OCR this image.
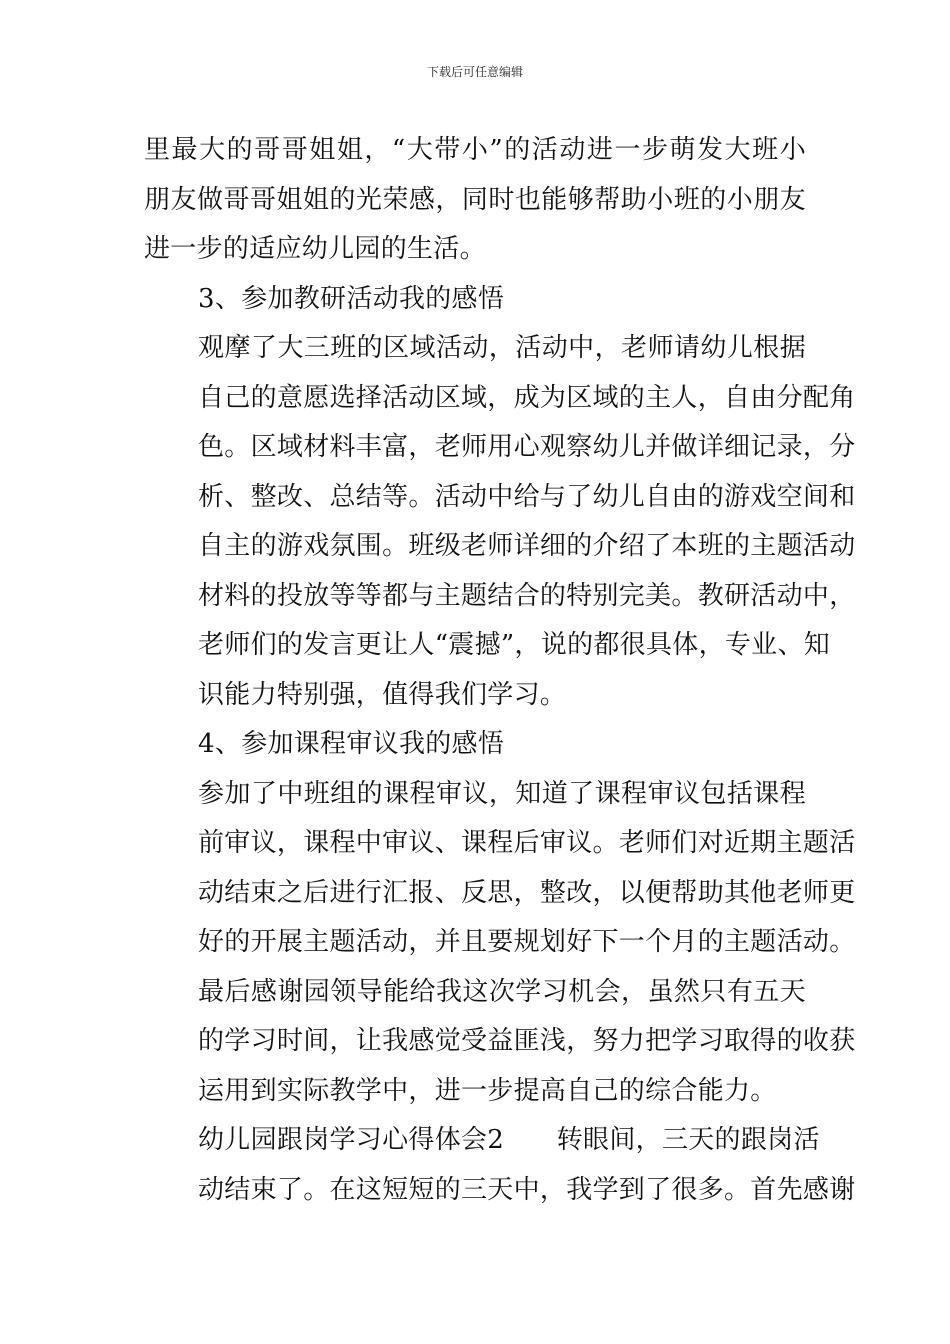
下载后可任意编辑

里最大的哥哥姐姐，“大带小”的活动进一步萌发大班小
朋友做哥哥姐姐的光荣感，同时也能够帮助小班的小朋友
进一步的适应幼儿园的生活。

3、参加教研活动我的感悟

观摩了大三班的区域活动，活动中，老师请幼儿根据
自己的意愿选择活动区域，成为区域的主人，自由分配角
色。区域材料丰富，老师用心观察幼儿并做详细记录，分
析、整改、总结等。活动中给与了幼儿自由的游戏空间和
自主的游戏氛围。班级老师详细的介绍了本班的主题活动
材料的投放等等都与主题结合的特别完美。教研活动中，
老师们的发言更让人“震撼”，说的都很具体，专业、知
识能力特别强，值得我们学习。

4、参加课程审议我的感悟

参加了中班组的课程审议，知道了课程审议包括课程
前审议，课程中审议、课程后审议。老师们对近期主题活
动结束之后进行汇报、反思，整改，以便帮助其他老师更
好的开展主题活动，并且要规划好下一个月的主题活动。

最后感谢园领导能给我这次学习机会，虽然只有五天
的学习时间，让我感觉受益匪浅，努力把学习取得的收获
运用到实际教学中，进一步提高自己的综合能力。

幼儿园跟岗学习心得体会2　　转眼间，三天的跟岗活
动结束了。在这短短的三天中，我学到了很多。首先感谢
